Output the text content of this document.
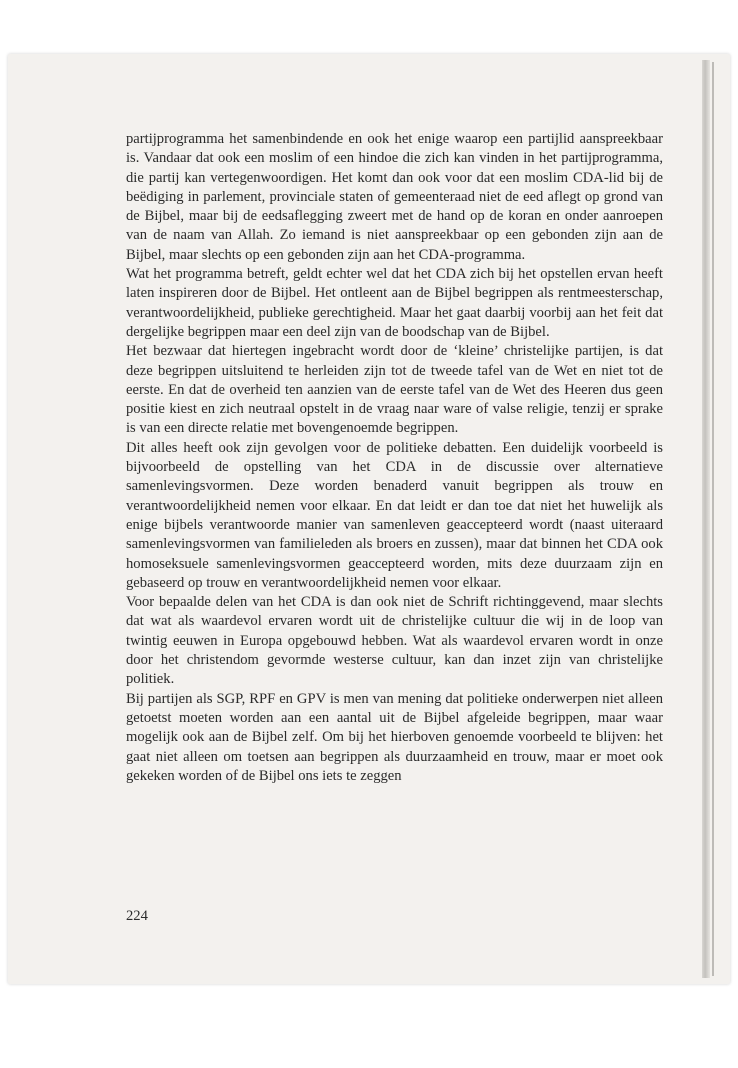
partijprogramma het samenbindende en ook het enige waarop een partijlid aanspreekbaar is. Vandaar dat ook een moslim of een hindoe die zich kan vinden in het partijprogramma, die partij kan vertegenwoordigen. Het komt dan ook voor dat een moslim CDA-lid bij de beëdiging in parlement, provinciale staten of gemeenteraad niet de eed aflegt op grond van de Bijbel, maar bij de eedsaflegging zweert met de hand op de koran en onder aanroepen van de naam van Allah. Zo iemand is niet aanspreekbaar op een gebonden zijn aan de Bijbel, maar slechts op een gebonden zijn aan het CDA-programma.

Wat het programma betreft, geldt echter wel dat het CDA zich bij het opstellen ervan heeft laten inspireren door de Bijbel. Het ontleent aan de Bijbel begrippen als rentmeesterschap, verantwoordelijkheid, publieke gerechtigheid. Maar het gaat daarbij voorbij aan het feit dat dergelijke begrippen maar een deel zijn van de boodschap van de Bijbel.

Het bezwaar dat hiertegen ingebracht wordt door de ‘kleine’ christelijke partijen, is dat deze begrippen uitsluitend te herleiden zijn tot de tweede tafel van de Wet en niet tot de eerste. En dat de overheid ten aanzien van de eerste tafel van de Wet des Heeren dus geen positie kiest en zich neutraal opstelt in de vraag naar ware of valse religie, tenzij er sprake is van een directe relatie met bovengenoemde begrippen.

Dit alles heeft ook zijn gevolgen voor de politieke debatten. Een duidelijk voorbeeld is bijvoorbeeld de opstelling van het CDA in de discussie over alternatieve samenlevingsvormen. Deze worden benaderd vanuit begrippen als trouw en verantwoordelijkheid nemen voor elkaar. En dat leidt er dan toe dat niet het huwelijk als enige bijbels verantwoorde manier van samenleven geaccepteerd wordt (naast uiteraard samenlevingsvormen van familieleden als broers en zussen), maar dat binnen het CDA ook homoseksuele samenlevingsvormen geaccepteerd worden, mits deze duurzaam zijn en gebaseerd op trouw en verantwoordelijkheid nemen voor elkaar.

Voor bepaalde delen van het CDA is dan ook niet de Schrift richtinggevend, maar slechts dat wat als waardevol ervaren wordt uit de christelijke cultuur die wij in de loop van twintig eeuwen in Europa opgebouwd hebben. Wat als waardevol ervaren wordt in onze door het christendom gevormde westerse cultuur, kan dan inzet zijn van christelijke politiek.

Bij partijen als SGP, RPF en GPV is men van mening dat politieke onderwerpen niet alleen getoetst moeten worden aan een aantal uit de Bijbel afgeleide begrippen, maar waar mogelijk ook aan de Bijbel zelf. Om bij het hierboven genoemde voorbeeld te blijven: het gaat niet alleen om toetsen aan begrippen als duurzaamheid en trouw, maar er moet ook gekeken worden of de Bijbel ons iets te zeggen

224
